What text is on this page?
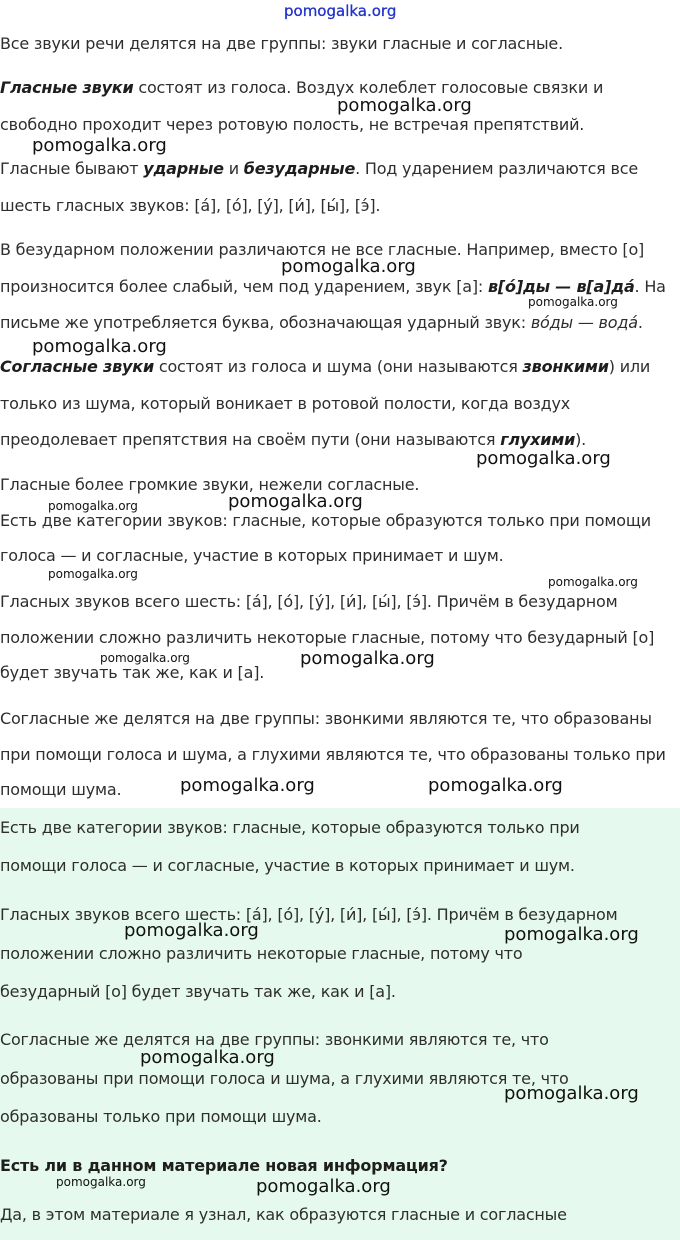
pomogalka.org
Все звуки речи делятся на две группы: звуки гласные и согласные.
Гласные звуки состоят из голоса. Воздух колеблет голосовые связки и
свободно проходит через ротовую полость, не встречая препятствий.
Гласные бывают ударные и безударные. Под ударением различаются все
шесть гласных звуков: [а́], [о́], [у́], [и́], [ы́], [э́].
В безударном положении различаются не все гласные. Например, вместо [о]
произносится более слабый, чем под ударением, звук [а]: в[о́]ды — в[а]да́. На
письме же употребляется буква, обозначающая ударный звук: во́ды — вода́.
Согласные звуки состоят из голоса и шума (они называются звонкими) или
только из шума, который воникает в ротовой полости, когда воздух
преодолевает препятствия на своём пути (они называются глухими).
Гласные более громкие звуки, нежели согласные.
Есть две категории звуков: гласные, которые образуются только при помощи
голоса — и согласные, участие в которых принимает и шум.
Гласных звуков всего шесть: [а́], [о́], [у́], [и́], [ы́], [э́]. Причём в безударном
положении сложно различить некоторые гласные, потому что безударный [о]
будет звучать так же, как и [а].
Согласные же делятся на две группы: звонкими являются те, что образованы
при помощи голоса и шума, а глухими являются те, что образованы только при
помощи шума.
Есть две категории звуков: гласные, которые образуются только при
помощи голоса — и согласные, участие в которых принимает и шум.
Гласных звуков всего шесть: [а́], [о́], [у́], [и́], [ы́], [э́]. Причём в безударном
положении сложно различить некоторые гласные, потому что
безударный [о] будет звучать так же, как и [а].
Согласные же делятся на две группы: звонкими являются те, что
образованы при помощи голоса и шума, а глухими являются те, что
образованы только при помощи шума.
Есть ли в данном материале новая информация?
Да, в этом материале я узнал, как образуются гласные и согласные
pomogalka.org
pomogalka.org
pomogalka.org
pomogalka.org
pomogalka.org
pomogalka.org
pomogalka.org	pomogalka.org
pomogalka.org
pomogalka.org
pomogalka.org	pomogalka.org
pomogalka.org	pomogalka.org
pomogalka.org	pomogalka.org
pomogalka.org
pomogalka.org
pomogalka.org	pomogalka.org
